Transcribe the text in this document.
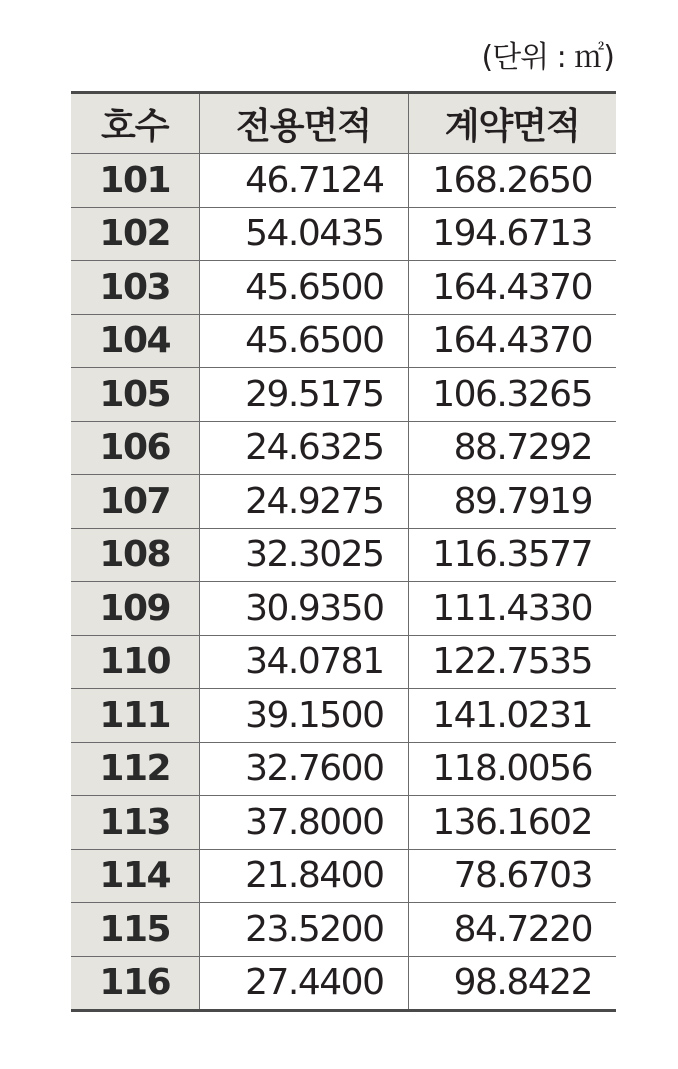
(단위 : ㎡)
호수	전용면적	계약면적
101	46.7124	168.2650
102	54.0435	194.6713
103	45.6500	164.4370
104	45.6500	164.4370
105	29.5175	106.3265
106	24.6325	88.7292
107	24.9275	89.7919
108	32.3025	116.3577
109	30.9350	111.4330
110	34.0781	122.7535
111	39.1500	141.0231
112	32.7600	118.0056
113	37.8000	136.1602
114	21.8400	78.6703
115	23.5200	84.7220
116	27.4400	98.8422
